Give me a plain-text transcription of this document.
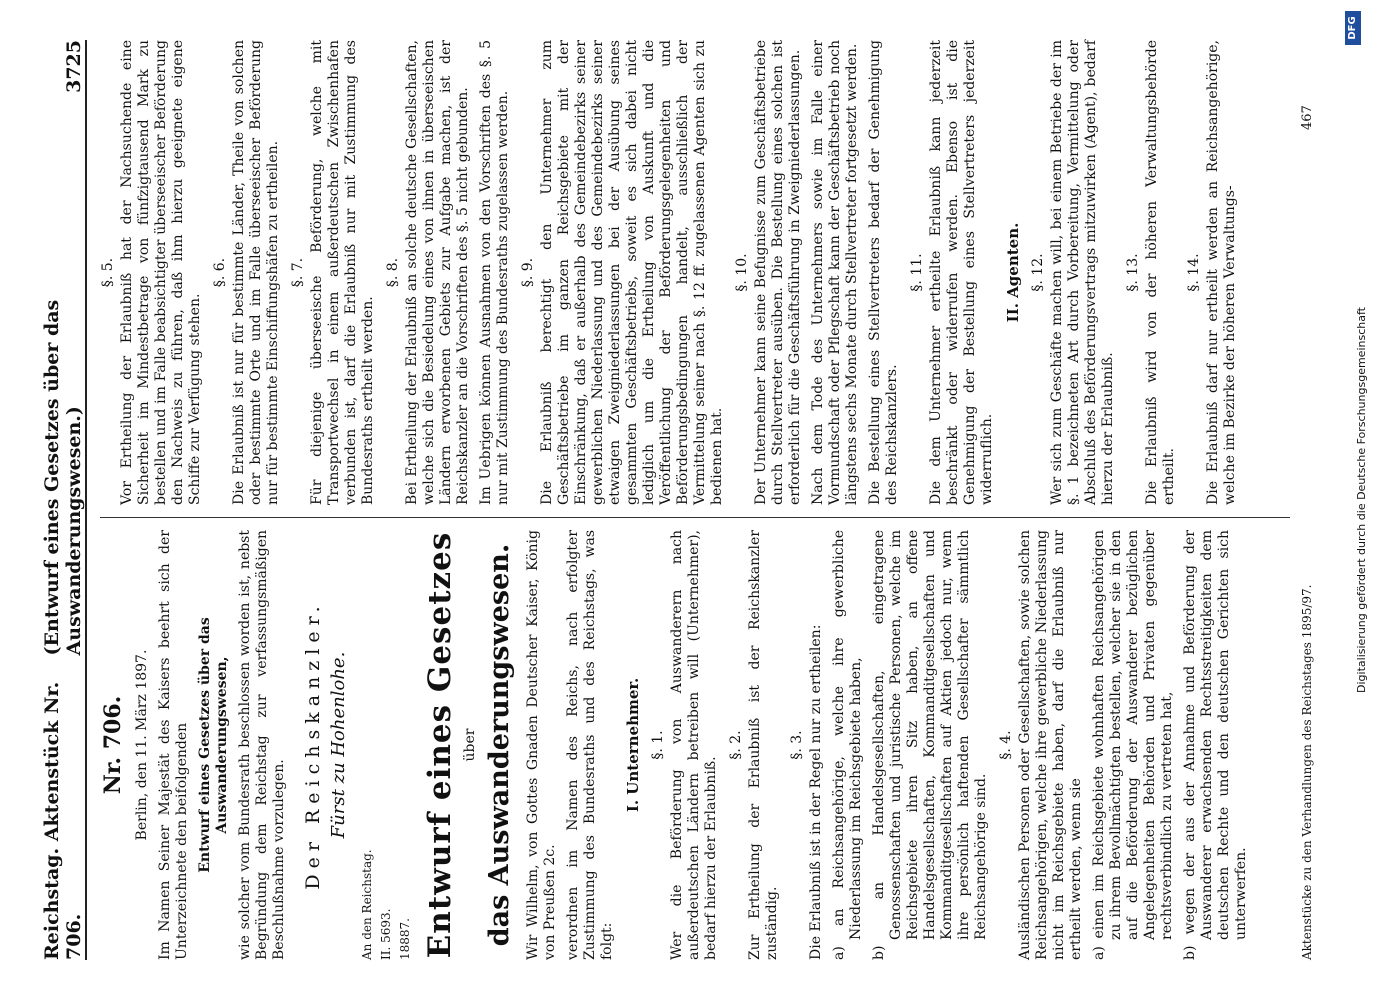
Reichstag. Aktenstück Nr. 706.
(Entwurf eines Gesetzes über das Auswanderungswesen.)
3725
Nr. 706. Berlin, den 11. März 1897. Im Namen Seiner Majestät des Kaisers beehrt sich der Unterzeichnete den beifolgenden Entwurf eines Gesetzes über das Auswanderungswesen, wie solcher vom Bundesrath beschlossen worden ist, nebst Begründung dem Reichstag zur verfassungsmäßigen Beschlußnahme vorzulegen. Der Reichskanzler. Fürst zu Hohenlohe.

An den Reichstag. II. 5693. 18887. Entwurf eines Gesetzes über das Auswanderungswesen. Wir Wilhelm, von Gottes Gnaden Deutscher Kaiser, König von Preußen 2c. verordnen im Namen des Reichs, nach erfolgter Zustimmung des Bundesraths und des Reichstags, was folgt:

I. Unternehmer. §. 1. Wer die Beförderung von Auswanderern nach außerdeutschen Ländern betreiben will (Unternehmer), bedarf hierzu der Erlaubniß.

§. 2. Zur Ertheilung der Erlaubniß ist der Reichskanzler zuständig.

§. 3. Die Erlaubniß ist in der Regel nur zu ertheilen: a) an Reichsangehörige, welche ihre gewerbliche Niederlassung im Reichsgebiete haben, b) an Handelsgesellschaften, eingetragene Genossenschaften und juristische Personen, welche im Reichsgebiete ihren Sitz haben, an offene Handelsgesellschaften, Kommanditgesellschaften und Kommanditgesellschaften auf Aktien jedoch nur, wenn ihre persönlich haftenden Gesellschafter sämmtlich Reichsangehörige sind.

§. 4. Ausländischen Personen oder Gesellschaften, sowie solchen Reichsangehörigen, welche ihre gewerbliche Niederlassung nicht im Reichsgebiete haben, darf die Erlaubniß nur ertheilt werden, wenn sie a) einen im Reichsgebiete wohnhaften Reichsangehörigen zu ihrem Bevollmächtigten bestellen, welcher sie in den auf die Beförderung der Auswanderer bezüglichen Angelegenheiten Behörden und Privaten gegenüber rechtsverbindlich zu vertreten hat, b) wegen der aus der Annahme und Beförderung der Auswanderer erwachsenden Rechtsstreitigkeiten dem deutschen Rechte und den deutschen Gerichten sich unterwerfen.

§. 5. Vor Ertheilung der Erlaubniß hat der Nachsuchende eine Sicherheit im Mindestbetrage von fünfzigtausend Mark zu bestellen und im Falle beabsichtigter überseeischer Beförderung den Nachweis zu führen, daß ihm hierzu geeignete eigene Schiffe zur Verfügung stehen.

§. 6. Die Erlaubniß ist nur für bestimmte Länder, Theile von solchen oder bestimmte Orte und im Falle überseeischer Beförderung nur für bestimmte Einschiffungshäfen zu ertheilen. §. 7. Für diejenige überseeische Beförderung, welche mit Transportwechsel in einem außerdeutschen Zwischenhafen verbunden ist, darf die Erlaubniß nur mit Zustimmung des Bundesraths ertheilt werden.

§. 8. Bei Ertheilung der Erlaubniß an solche deutsche Gesellschaften, welche sich die Besiedelung eines von ihnen in überseeischen Ländern erworbenen Gebiets zur Aufgabe machen, ist der Reichskanzler an die Vorschriften des §. 5 nicht gebunden. Im Uebrigen können Ausnahmen von den Vorschriften des §. 5 nur mit Zustimmung des Bundesraths zugelassen werden. §. 9. Die Erlaubniß berechtigt den Unternehmer zum Geschäftsbetriebe im ganzen Reichsgebiete mit der Einschränkung, daß er außerhalb des Gemeindebezirks seiner gewerblichen Niederlassung und des Gemeindebezirks seiner etwaigen Zweigniederlassungen bei der Ausübung seines gesammten Geschäftsbetriebs, soweit es sich dabei nicht lediglich um die Ertheilung von Auskunft und die Veröffentlichung der Beförderungsgelegenheiten und Beförderungsbedingungen handelt, ausschließlich der Vermittelung seiner nach §. 12 ff. zugelassenen Agenten sich zu bedienen hat.

§. 10. Der Unternehmer kann seine Befugnisse zum Geschäftsbetriebe durch Stellvertreter ausüben. Die Bestellung eines solchen ist erforderlich für die Geschäftsführung in Zweigniederlassungen. Nach dem Tode des Unternehmers sowie im Falle einer Vormundschaft oder Pflegschaft kann der Geschäftsbetrieb noch längstens sechs Monate durch Stellvertreter fortgesetzt werden. Die Bestellung eines Stellvertreters bedarf der Genehmigung des Reichskanzlers.

§. 11. Die dem Unternehmer ertheilte Erlaubniß kann jederzeit beschränkt oder widerrufen werden. Ebenso ist die Genehmigung der Bestellung eines Stellvertreters jederzeit widerruflich.

II. Agenten. §. 12. Wer sich zum Geschäfte machen will, bei einem Betriebe der im §. 1 bezeichneten Art durch Vorbereitung, Vermittelung oder Abschluß des Beförderungsvertrags mitzuwirken (Agent), bedarf hierzu der Erlaubniß.

§. 13. Die Erlaubniß wird von der höheren Verwaltungsbehörde ertheilt.

§. 14. Die Erlaubniß darf nur ertheilt werden an Reichsangehörige, welche im Bezirke der höheren Verwaltungs-

Aktenstücke zu den Verhandlungen des Reichstages 1895/97.
467
Digitalisierung gefördert durch die Deutsche Forschungsgemeinschaft
DFG
